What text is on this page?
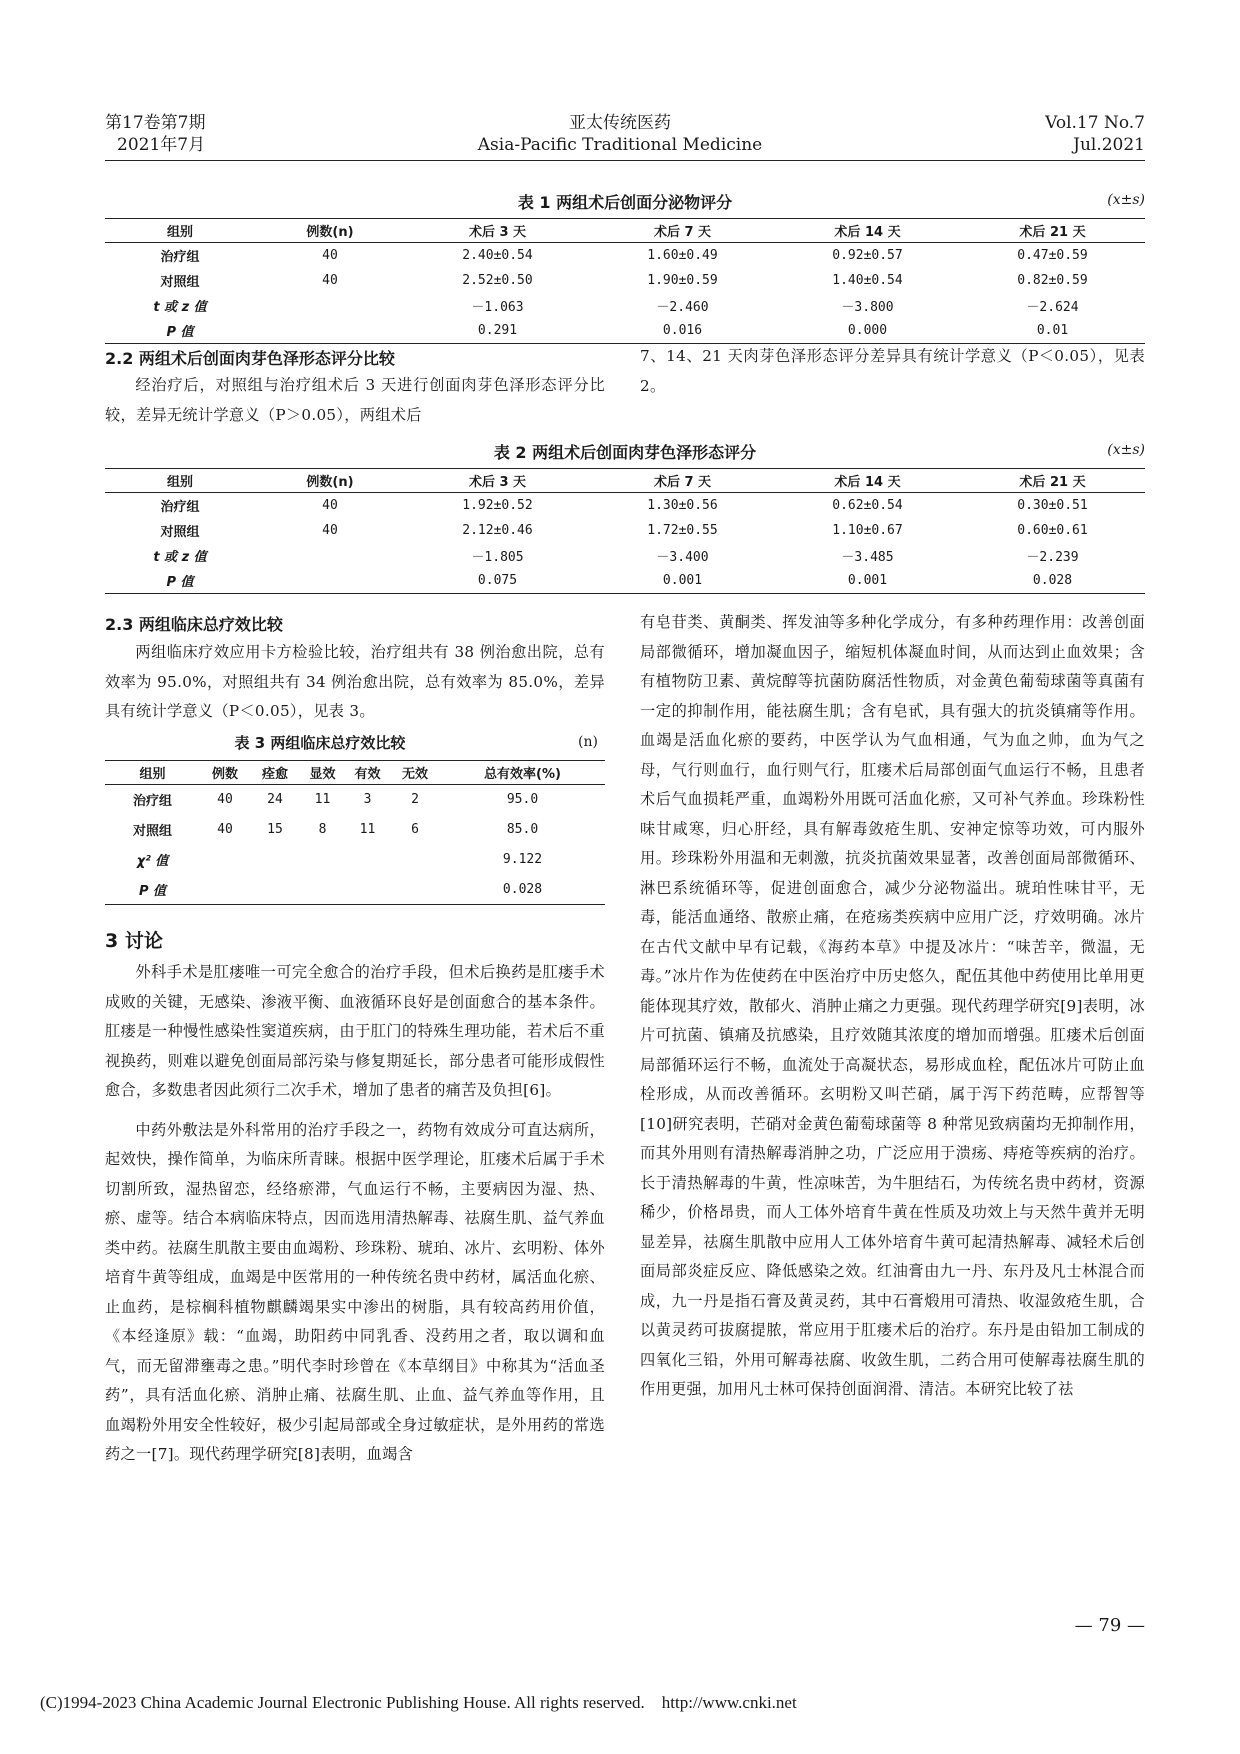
第17卷第7期
2021年7月
亚太传统医药
Asia-Pacific Traditional Medicine
Vol.17 No.7
Jul.2021
表 1 两组术后创面分泌物评分	(x±s)
组别	例数(n)	术后 3 天	术后 7 天	术后 14 天	术后 21 天
治疗组	40	2.40±0.54	1.60±0.49	0.92±0.57	0.47±0.59
对照组	40	2.52±0.50	1.90±0.59	1.40±0.54	0.82±0.59
t 或 z 值		－1.063	－2.460	－3.800	－2.624
P 值		0.291	0.016	0.000	0.01
2.2 两组术后创面肉芽色泽形态评分比较

经治疗后，对照组与治疗组术后 3 天进行创面肉芽色泽形态评分比较，差异无统计学意义（P＞0.05），两组术后

7、14、21 天肉芽色泽形态评分差异具有统计学意义（P＜0.05），见表 2。

表 2 两组术后创面肉芽色泽形态评分	(x±s)
组别	例数(n)	术后 3 天	术后 7 天	术后 14 天	术后 21 天
治疗组	40	1.92±0.52	1.30±0.56	0.62±0.54	0.30±0.51
对照组	40	2.12±0.46	1.72±0.55	1.10±0.67	0.60±0.61
t 或 z 值		－1.805	－3.400	－3.485	－2.239
P 值		0.075	0.001	0.001	0.028
2.3 两组临床总疗效比较

两组临床疗效应用卡方检验比较，治疗组共有 38 例治愈出院，总有效率为 95.0%，对照组共有 34 例治愈出院，总有效率为 85.0%，差异具有统计学意义（P＜0.05），见表 3。

表 3 两组临床总疗效比较	(n)
组别	例数	痊愈	显效	有效	无效	总有效率(%)
治疗组	40	24	11	3	2	95.0
对照组	40	15	8	11	6	85.0
χ² 值						9.122
P 值						0.028
3 讨论

外科手术是肛瘘唯一可完全愈合的治疗手段，但术后换药是肛瘘手术成败的关键，无感染、渗液平衡、血液循环良好是创面愈合的基本条件。肛瘘是一种慢性感染性窦道疾病，由于肛门的特殊生理功能，若术后不重视换药，则难以避免创面局部污染与修复期延长，部分患者可能形成假性愈合，多数患者因此须行二次手术，增加了患者的痛苦及负担[6]。

中药外敷法是外科常用的治疗手段之一，药物有效成分可直达病所，起效快，操作简单，为临床所青睐。根据中医学理论，肛瘘术后属于手术切割所致，湿热留恋，经络瘀滞，气血运行不畅，主要病因为湿、热、瘀、虚等。结合本病临床特点，因而选用清热解毒、祛腐生肌、益气养血类中药。祛腐生肌散主要由血竭粉、珍珠粉、琥珀、冰片、玄明粉、体外培育牛黄等组成，血竭是中医常用的一种传统名贵中药材，属活血化瘀、止血药，是棕榈科植物麒麟竭果实中渗出的树脂，具有较高药用价值，《本经逢原》载：“血竭，助阳药中同乳香、没药用之者，取以调和血气，而无留滞壅毒之患。”明代李时珍曾在《本草纲目》中称其为“活血圣药”，具有活血化瘀、消肿止痛、祛腐生肌、止血、益气养血等作用，且血竭粉外用安全性较好，极少引起局部或全身过敏症状，是外用药的常选药之一[7]。现代药理学研究[8]表明，血竭含

有皂苷类、黄酮类、挥发油等多种化学成分，有多种药理作用：改善创面局部微循环，增加凝血因子，缩短机体凝血时间，从而达到止血效果；含有植物防卫素、黄烷醇等抗菌防腐活性物质，对金黄色葡萄球菌等真菌有一定的抑制作用，能祛腐生肌；含有皂甙，具有强大的抗炎镇痛等作用。血竭是活血化瘀的要药，中医学认为气血相通，气为血之帅，血为气之母，气行则血行，血行则气行，肛瘘术后局部创面气血运行不畅，且患者术后气血损耗严重，血竭粉外用既可活血化瘀，又可补气养血。珍珠粉性味甘咸寒，归心肝经，具有解毒敛疮生肌、安神定惊等功效，可内服外用。珍珠粉外用温和无刺激，抗炎抗菌效果显著，改善创面局部微循环、淋巴系统循环等，促进创面愈合，减少分泌物溢出。琥珀性味甘平，无毒，能活血通络、散瘀止痛，在疮疡类疾病中应用广泛，疗效明确。冰片在古代文献中早有记载，《海药本草》中提及冰片：“味苦辛，微温，无毒。”冰片作为佐使药在中医治疗中历史悠久，配伍其他中药使用比单用更能体现其疗效，散郁火、消肿止痛之力更强。现代药理学研究[9]表明，冰片可抗菌、镇痛及抗感染，且疗效随其浓度的增加而增强。肛瘘术后创面局部循环运行不畅，血流处于高凝状态，易形成血栓，配伍冰片可防止血栓形成，从而改善循环。玄明粉又叫芒硝，属于泻下药范畴，应帮智等[10]研究表明，芒硝对金黄色葡萄球菌等 8 种常见致病菌均无抑制作用，而其外用则有清热解毒消肿之功，广泛应用于溃疡、痔疮等疾病的治疗。长于清热解毒的牛黄，性凉味苦，为牛胆结石，为传统名贵中药材，资源稀少，价格昂贵，而人工体外培育牛黄在性质及功效上与天然牛黄并无明显差异，祛腐生肌散中应用人工体外培育牛黄可起清热解毒、减轻术后创面局部炎症反应、降低感染之效。红油膏由九一丹、东丹及凡士林混合而成，九一丹是指石膏及黄灵药，其中石膏煅用可清热、收湿敛疮生肌，合以黄灵药可拔腐提脓，常应用于肛瘘术后的治疗。东丹是由铅加工制成的四氧化三铅，外用可解毒祛腐、收敛生肌，二药合用可使解毒祛腐生肌的作用更强，加用凡士林可保持创面润滑、清洁。本研究比较了祛

— 79 —
(C)1994-2023 China Academic Journal Electronic Publishing House. All rights reserved.    http://www.cnki.net
